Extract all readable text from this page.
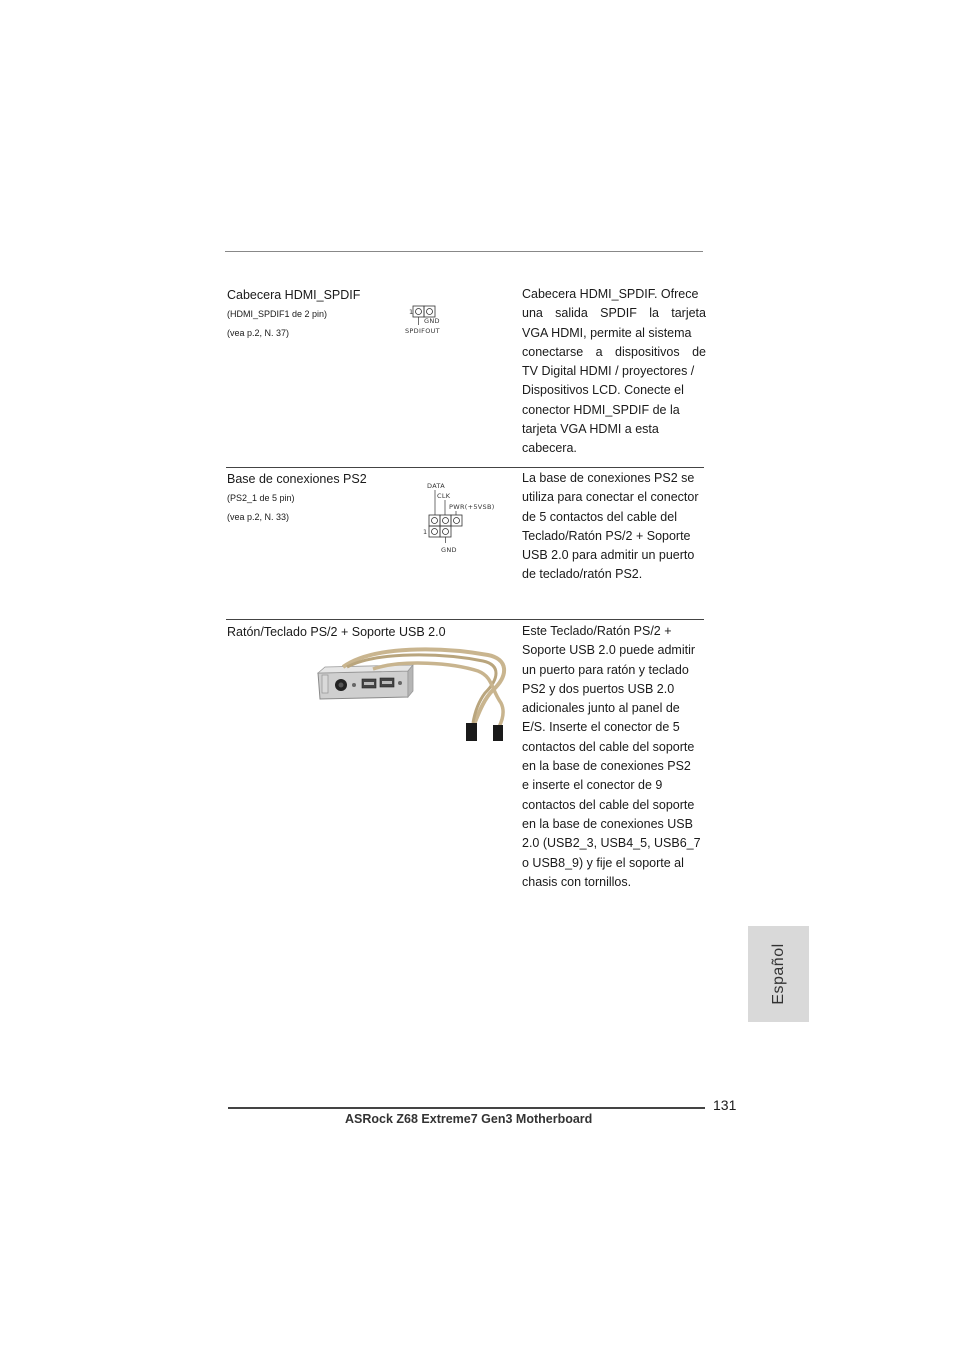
Cabecera HDMI_SPDIF
(HDMI_SPDIF1 de 2 pin)
(vea p.2, N. 37)
1
GND
SPDIFOUT
Cabecera HDMI_SPDIF. Ofrece
una salida SPDIF la tarjeta
VGA HDMI, permite al sistema
conectarse a dispositivos de
TV Digital HDMI / proyectores /
Dispositivos LCD. Conecte el
conector HDMI_SPDIF de la
tarjeta VGA HDMI a esta
cabecera.
Base de conexiones PS2
(PS2_1 de 5 pin)
(vea p.2, N. 33)
DATA
CLK
PWR(+5VSB)
1
GND
La base de conexiones PS2 se
utiliza para conectar el conector
de 5 contactos del cable del
Teclado/Ratón PS/2 + Soporte
USB 2.0 para admitir un puerto
de teclado/ratón PS2.
Ratón/Teclado PS/2 + Soporte USB 2.0	Este Teclado/Ratón PS/2 +
Soporte USB 2.0 puede admitir
un puerto para ratón y teclado
PS2 y dos puertos USB 2.0
adicionales junto al panel de
E/S. Inserte el conector de 5
contactos del cable del soporte
en la base de conexiones PS2
e inserte el conector de 9
contactos del cable del soporte
en la base de conexiones USB
2.0 (USB2_3, USB4_5, USB6_7
o USB8_9) y fije el soporte al
chasis con tornillos.
Español
131
ASRock Z68 Extreme7 Gen3 Motherboard
